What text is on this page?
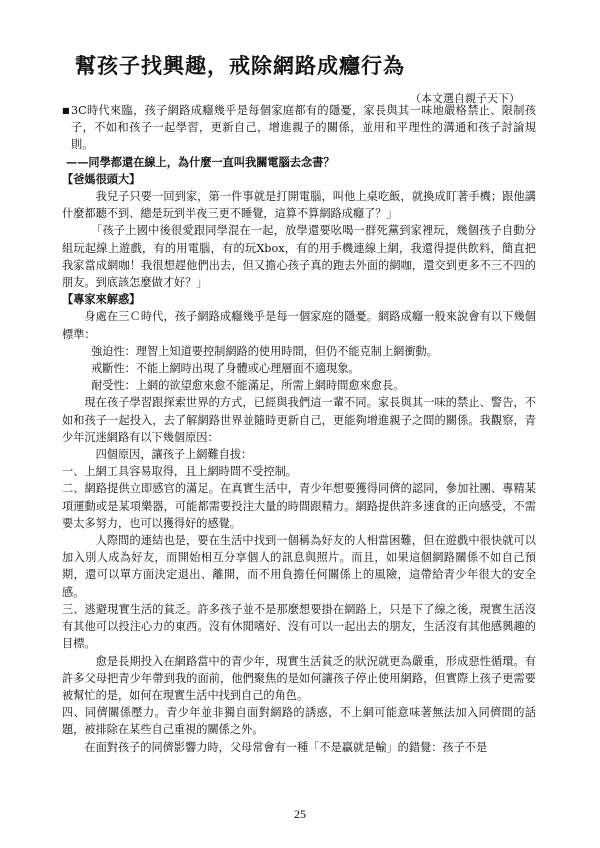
幫孩子找興趣，戒除網路成癮行為
（本文選自親子天下）
■ 3C時代來臨，孩子網路成癮幾乎是每個家庭都有的隱憂，家長與其一味地嚴格禁止、限制孩子，不如和孩子一起學習，更新自己，增進親子的關係，並用和平理性的溝通和孩子討論規則。

——同學都還在線上，為什麼一直叫我關電腦去念書？

【爸媽很頭大】

我兒子只要一回到家，第一件事就是打開電腦，叫他上桌吃飯，就換成盯著手機；跟他講什麼都聽不到、總是玩到半夜三更不睡覺，這算不算網路成癮了？」

「孩子上國中後很愛跟同學混在一起，放學還要吆喝一群死黨到家裡玩，幾個孩子自動分組玩起線上遊戲，有的用電腦，有的玩Xbox，有的用手機連線上網，我還得提供飲料，簡直把我家當成網咖！我很想趕他們出去，但又擔心孩子真的跑去外面的網咖，還交到更多不三不四的朋友。到底該怎麼做才好？」

【專家來解惑】

身處在三Ｃ時代，孩子網路成癮幾乎是每一個家庭的隱憂。網路成癮一般來說會有以下幾個標準：

強迫性：理智上知道要控制網路的使用時間，但仍不能克制上網衝動。

戒斷性：不能上網時出現了身體或心理層面不適現象。

耐受性：上網的欲望愈來愈不能滿足，所需上網時間愈來愈長。

現在孩子學習跟探索世界的方式，已經與我們這一輩不同。家長與其一味的禁止、警告，不如和孩子一起投入，去了解網路世界並隨時更新自己，更能夠增進親子之間的關係。我觀察，青少年沉迷網路有以下幾個原因：

四個原因，讓孩子上網難自拔：

一、上網工具容易取得，且上網時間不受控制。

二、網路提供立即感官的滿足。在真實生活中，青少年想要獲得同儕的認同，參加社團、專精某項運動或是某項樂器，可能都需要投注大量的時間跟精力。網路提供許多速食的正向感受，不需要太多努力，也可以獲得好的感覺。

人際間的連結也是，要在生活中找到一個稱為好友的人相當困難，但在遊戲中很快就可以加入別人成為好友，而開始相互分享個人的訊息與照片。而且，如果這個網路關係不如自己預期，還可以單方面決定退出、離開，而不用負擔任何關係上的風險，這帶給青少年很大的安全感。

三、逃避現實生活的貧乏。許多孩子並不是那麼想要掛在網路上，只是下了線之後，現實生活沒有其他可以投注心力的東西。沒有休閒嗜好、沒有可以一起出去的朋友，生活沒有其他感興趣的目標。

愈是長期投入在網路當中的青少年，現實生活貧乏的狀況就更為嚴重，形成惡性循環。有許多父母把青少年帶到我的面前，他們聚焦的是如何讓孩子停止使用網路，但實際上孩子更需要被幫忙的是，如何在現實生活中找到自己的角色。

四、同儕關係壓力。青少年並非獨自面對網路的誘惑，不上網可能意味著無法加入同儕間的話題，被排除在某些自己重視的關係之外。

在面對孩子的同儕影響力時，父母常會有一種「不是贏就是輸」的錯覺：孩子不是

25
